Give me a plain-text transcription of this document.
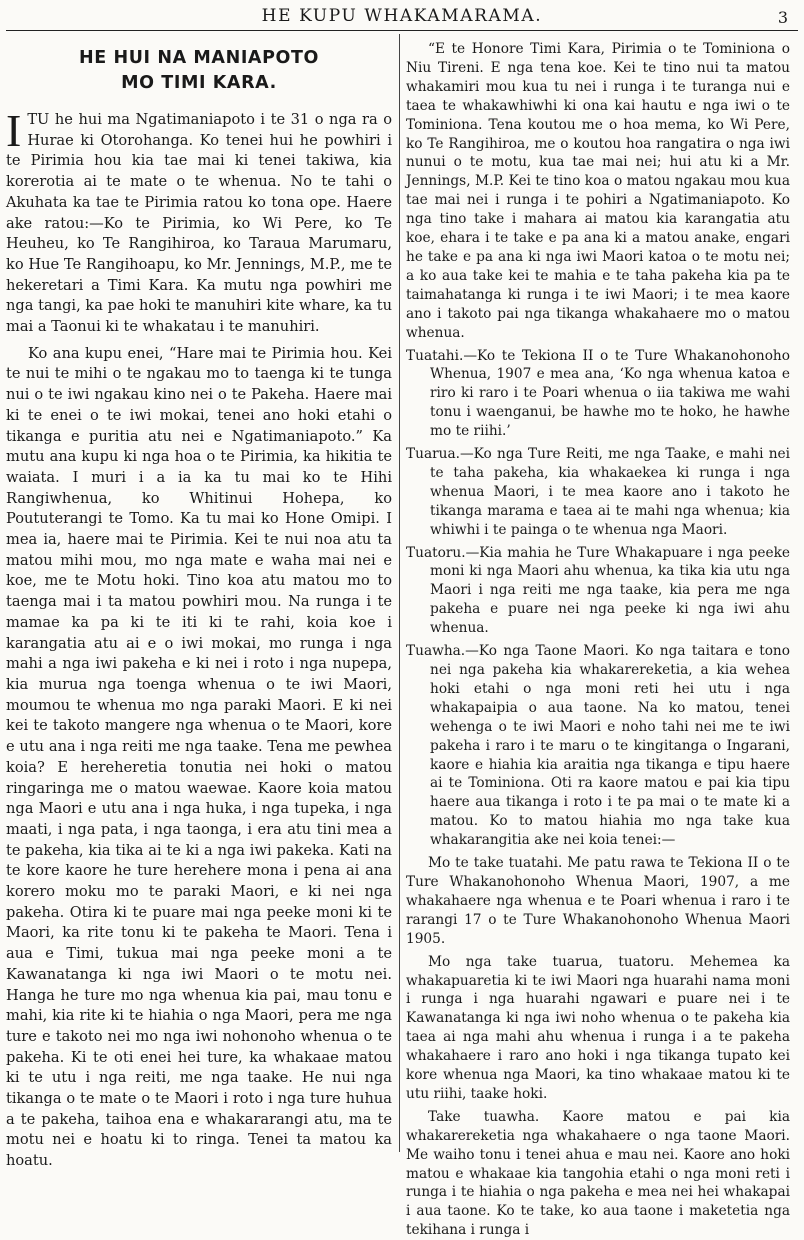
HE KUPU WHAKAMARAMA.	3
HE HUI NA MANIAPOTO
MO TIMI KARA.

ITU he hui ma Ngatimaniapoto i te 31 o nga ra o Hurae ki Otorohanga. Ko tenei hui he powhiri i te Pirimia hou kia tae mai ki tenei takiwa, kia korerotia ai te mate o te whenua. No te tahi o Akuhata ka tae te Pirimia ratou ko tona ope. Haere ake ratou:—Ko te Pirimia, ko Wi Pere, ko Te Heuheu, ko Te Rangihiroa, ko Taraua Marumaru, ko Hue Te Rangihoapu, ko Mr. Jennings, M.P., me te hekeretari a Timi Kara. Ka mutu nga powhiri me nga tangi, ka pae hoki te manuhiri kite whare, ka tu mai a Taonui ki te whakatau i te manuhiri.

Ko ana kupu enei, “Hare mai te Pirimia hou. Kei te nui te mihi o te ngakau mo to taenga ki te tunga nui o te iwi ngakau kino nei o te Pakeha. Haere mai ki te enei o te iwi mokai, tenei ano hoki etahi o tikanga e puritia atu nei e Ngatimaniapoto.” Ka mutu ana kupu ki nga hoa o te Pirimia, ka hikitia te waiata. I muri i a ia ka tu mai ko te Hihi Rangiwhenua, ko Whitinui Hohepa, ko Poututerangi te Tomo. Ka tu mai ko Hone Omipi. I mea ia, haere mai te Pirimia. Kei te nui noa atu ta matou mihi mou, mo nga mate e waha mai nei e koe, me te Motu hoki. Tino koa atu matou mo to taenga mai i ta matou powhiri mou. Na runga i te mamae ka pa ki te iti ki te rahi, koia koe i karangatia atu ai e o iwi mokai, mo runga i nga mahi a nga iwi pakeha e ki nei i roto i nga nupepa, kia murua nga toenga whenua o te iwi Maori, moumou te whenua mo nga paraki Maori. E ki nei kei te takoto mangere nga whenua o te Maori, kore e utu ana i nga reiti me nga taake. Tena me pewhea koia? E hereheretia tonutia nei hoki o matou ringaringa me o matou waewae. Kaore koia matou nga Maori e utu ana i nga huka, i nga tupeka, i nga maati, i nga pata, i nga taonga, i era atu tini mea a te pakeha, kia tika ai te ki a nga iwi pakeka. Kati na te kore kaore he ture herehere mona i pena ai ana korero moku mo te paraki Maori, e ki nei nga pakeha. Otira ki te puare mai nga peeke moni ki te Maori, ka rite tonu ki te pakeha te Maori. Tena i aua e Timi, tukua mai nga peeke moni a te Kawanatanga ki nga iwi Maori o te motu nei. Hanga he ture mo nga whenua kia pai, mau tonu e mahi, kia rite ki te hiahia o nga Maori, pera me nga ture e takoto nei mo nga iwi nohonoho whenua o te pakeha. Ki te oti enei hei ture, ka whakaae matou ki te utu i nga reiti, me nga taake. He nui nga tikanga o te mate o te Maori i roto i nga ture huhua a te pakeha, taihoa ena e whakararangi atu, ma te motu nei e hoatu ki to ringa. Tenei ta matou ka hoatu.

“E te Honore Timi Kara, Pirimia o te Tominiona o Niu Tireni. E nga tena koe. Kei te tino nui ta matou whakamiri mou kua tu nei i runga i te turanga nui e taea te whakawhiwhi ki ona kai hautu e nga iwi o te Tominiona. Tena koutou me o hoa mema, ko Wi Pere, ko Te Rangihiroa, me o koutou hoa rangatira o nga iwi nunui o te motu, kua tae mai nei; hui atu ki a Mr. Jennings, M.P. Kei te tino koa o matou ngakau mou kua tae mai nei i runga i te pohiri a Ngatimaniapoto. Ko nga tino take i mahara ai matou kia karangatia atu koe, ehara i te take e pa ana ki a matou anake, engari he take e pa ana ki nga iwi Maori katoa o te motu nei; a ko aua take kei te mahia e te taha pakeha kia pa te taimahatanga ki runga i te iwi Maori; i te mea kaore ano i takoto pai nga tikanga whakahaere mo o matou whenua.

Tuatahi.—Ko te Tekiona II o te Ture Whakanohonoho Whenua, 1907 e mea ana, ‘Ko nga whenua katoa e riro ki raro i te Poari whenua o iia takiwa me wahi tonu i waenganui, be hawhe mo te hoko, he hawhe mo te riihi.’

Tuarua.—Ko nga Ture Reiti, me nga Taake, e mahi nei te taha pakeha, kia whakaekea ki runga i nga whenua Maori, i te mea kaore ano i takoto he tikanga marama e taea ai te mahi nga whenua; kia whiwhi i te painga o te whenua nga Maori.

Tuatoru.—Kia mahia he Ture Whakapuare i nga peeke moni ki nga Maori ahu whenua, ka tika kia utu nga Maori i nga reiti me nga taake, kia pera me nga pakeha e puare nei nga peeke ki nga iwi ahu whenua.

Tuawha.—Ko nga Taone Maori. Ko nga taitara e tono nei nga pakeha kia whakarereketia, a kia wehea hoki etahi o nga moni reti hei utu i nga whakapaipia o aua taone. Na ko matou, tenei wehenga o te iwi Maori e noho tahi nei me te iwi pakeha i raro i te maru o te kingitanga o Ingarani, kaore e hiahia kia araitia nga tikanga e tipu haere ai te Tominiona. Oti ra kaore matou e pai kia tipu haere aua tikanga i roto i te pa mai o te mate ki a matou. Ko to matou hiahia mo nga take kua whakarangitia ake nei koia tenei:—

Mo te take tuatahi. Me patu rawa te Tekiona II o te Ture Whakanohonoho Whenua Maori, 1907, a me whakahaere nga whenua e te Poari whenua i raro i te rarangi 17 o te Ture Whakanohonoho Whenua Maori 1905.

Mo nga take tuarua, tuatoru. Mehemea ka whakapuaretia ki te iwi Maori nga huarahi nama moni i runga i nga huarahi ngawari e puare nei i te Kawanatanga ki nga iwi noho whenua o te pakeha kia taea ai nga mahi ahu whenua i runga i a te pakeha whakahaere i raro ano hoki i nga tikanga tupato kei kore whenua nga Maori, ka tino whakaae matou ki te utu riihi, taake hoki.

Take tuawha. Kaore matou e pai kia whakarereketia nga whakahaere o nga taone Maori. Me waiho tonu i tenei ahua e mau nei. Kaore ano hoki matou e whakaae kia tangohia etahi o nga moni reti i runga i te hiahia o nga pakeha e mea nei hei whakapai i aua taone. Ko te take, ko aua taone i maketetia nga tekihana i runga i
